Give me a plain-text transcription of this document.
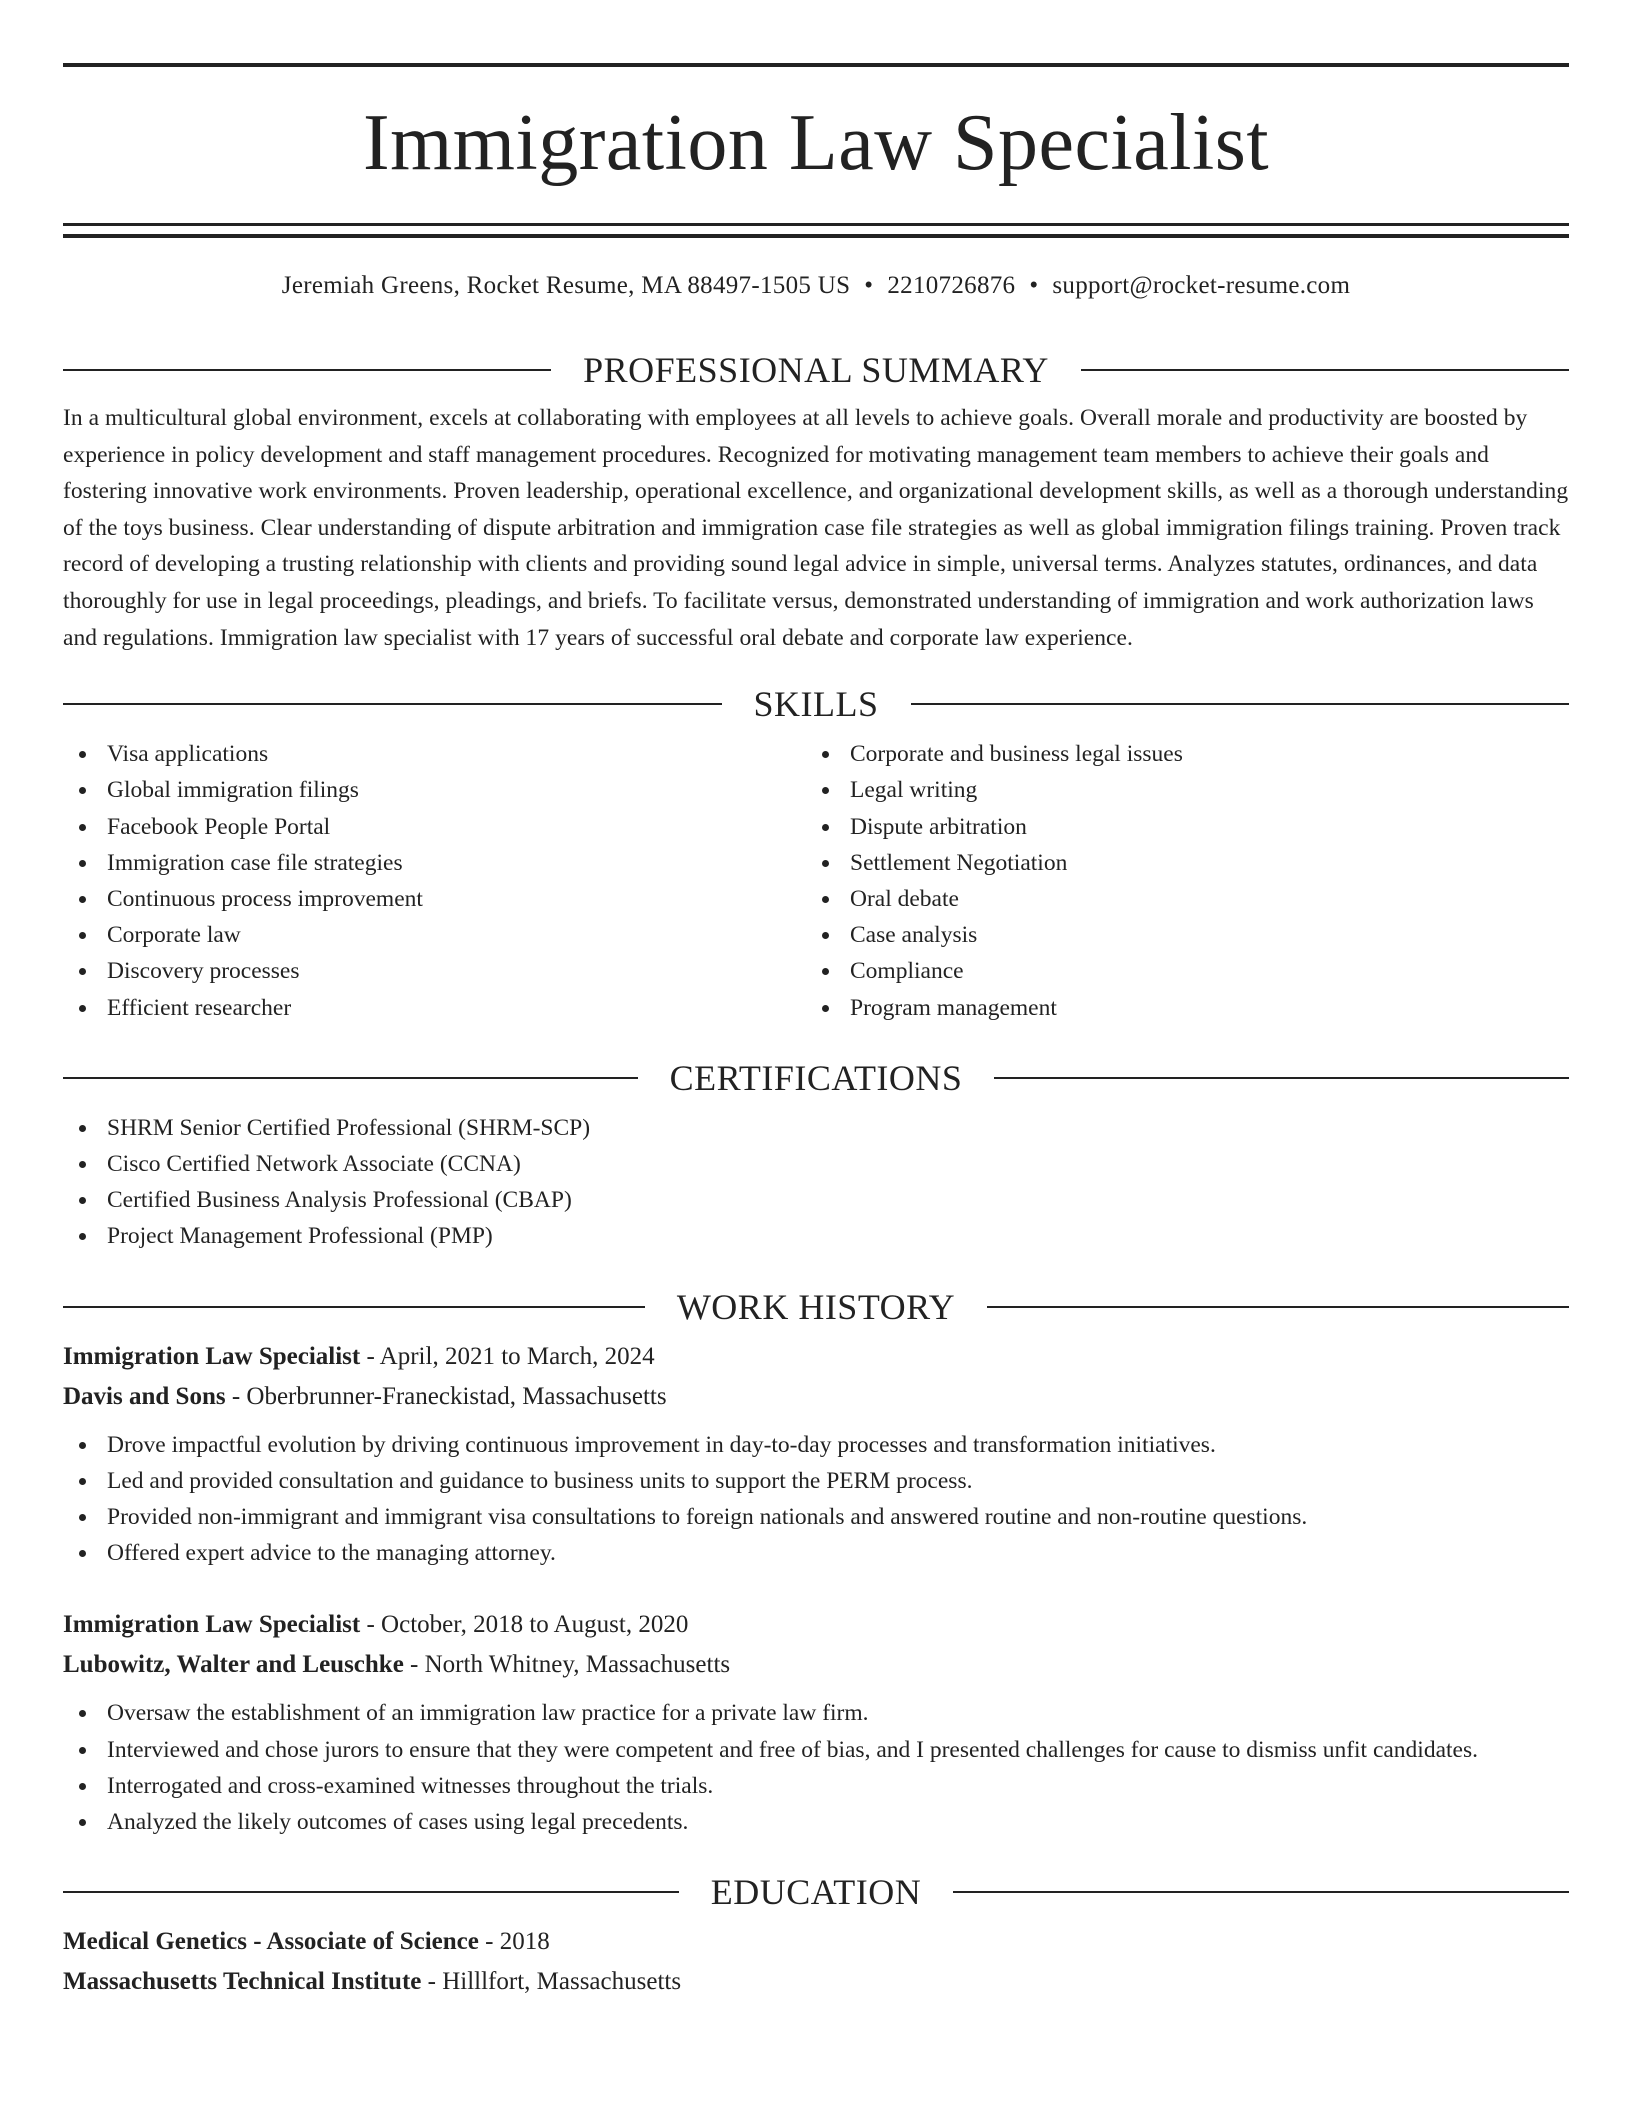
Immigration Law Specialist
Jeremiah Greens, Rocket Resume, MA 88497-1505 US • 2210726876 • support@rocket-resume.com
PROFESSIONAL SUMMARY

In a multicultural global environment, excels at collaborating with employees at all levels to achieve goals. Overall morale and productivity are boosted by experience in policy development and staff management procedures. Recognized for motivating management team members to achieve their goals and fostering innovative work environments. Proven leadership, operational excellence, and organizational development skills, as well as a thorough understanding of the toys business. Clear understanding of dispute arbitration and immigration case file strategies as well as global immigration filings training. Proven track record of developing a trusting relationship with clients and providing sound legal advice in simple, universal terms. Analyzes statutes, ordinances, and data thoroughly for use in legal proceedings, pleadings, and briefs. To facilitate versus, demonstrated understanding of immigration and work authorization laws and regulations. Immigration law specialist with 17 years of successful oral debate and corporate law experience.

SKILLS
Visa applications
Global immigration filings
Facebook People Portal
Immigration case file strategies
Continuous process improvement
Corporate law
Discovery processes
Efficient researcher
Corporate and business legal issues
Legal writing
Dispute arbitration
Settlement Negotiation
Oral debate
Case analysis
Compliance
Program management
CERTIFICATIONS
SHRM Senior Certified Professional (SHRM-SCP)
Cisco Certified Network Associate (CCNA)
Certified Business Analysis Professional (CBAP)
Project Management Professional (PMP)
WORK HISTORY
Immigration Law Specialist - April, 2021 to March, 2024
Davis and Sons - Oberbrunner-Franeckistad, Massachusetts
Drove impactful evolution by driving continuous improvement in day-to-day processes and transformation initiatives.
Led and provided consultation and guidance to business units to support the PERM process.
Provided non-immigrant and immigrant visa consultations to foreign nationals and answered routine and non-routine questions.
Offered expert advice to the managing attorney.
Immigration Law Specialist - October, 2018 to August, 2020
Lubowitz, Walter and Leuschke - North Whitney, Massachusetts
Oversaw the establishment of an immigration law practice for a private law firm.
Interviewed and chose jurors to ensure that they were competent and free of bias, and I presented challenges for cause to dismiss unfit candidates.
Interrogated and cross-examined witnesses throughout the trials.
Analyzed the likely outcomes of cases using legal precedents.
EDUCATION
Medical Genetics - Associate of Science - 2018
Massachusetts Technical Institute - Hilllfort, Massachusetts
